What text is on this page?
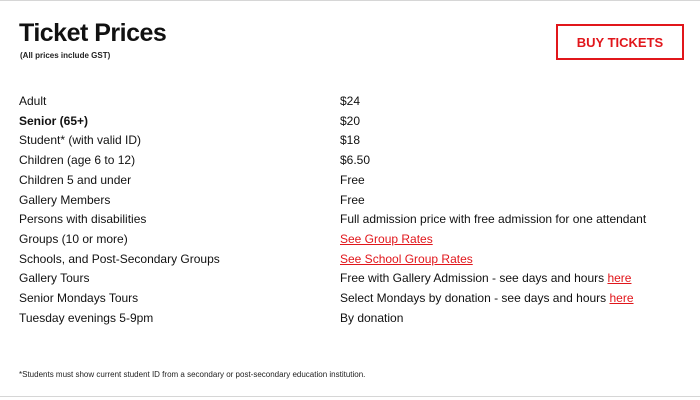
Ticket Prices
(All prices include GST)
BUY TICKETS
Adult	$24
Senior (65+)	$20
Student* (with valid ID)	$18
Children (age 6 to 12)	$6.50
Children 5 and under	Free
Gallery Members	Free
Persons with disabilities	Full admission price with free admission for one attendant
Groups (10 or more)	See Group Rates
Schools, and Post-Secondary Groups	See School Group Rates
Gallery Tours	Free with Gallery Admission - see days and hours here
Senior Mondays Tours	Select Mondays by donation - see days and hours here
Tuesday evenings 5-9pm	By donation
*Students must show current student ID from a secondary or post-secondary education institution.
